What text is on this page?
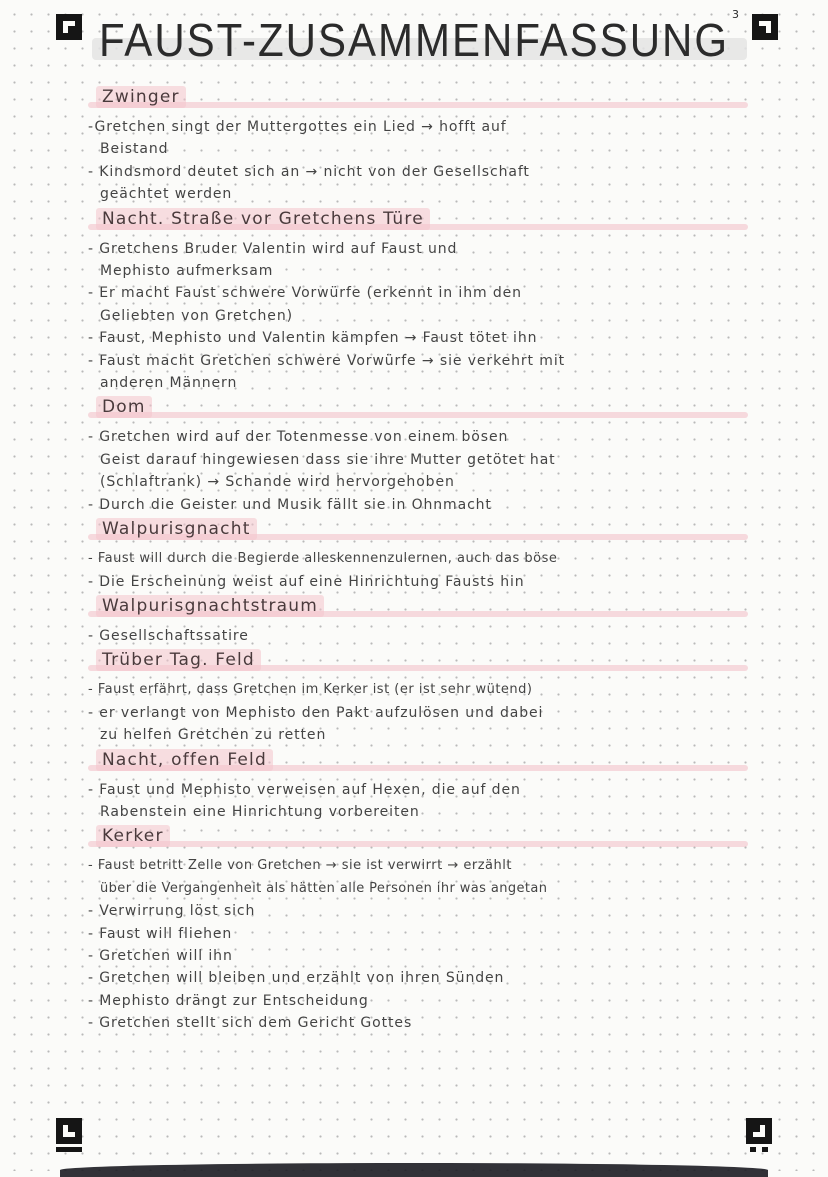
FAUST-ZUSAMMENFASSUNG 3
Zwinger
-Gretchen singt der Muttergottes ein Lied → hofft auf
Beistand
- Kindsmord deutet sich an → nicht von der Gesellschaft
geächtet werden
Nacht. Straße vor Gretchens Türe
- Gretchens Bruder Valentin wird auf Faust und
Mephisto aufmerksam
- Er macht Faust schwere Vorwürfe (erkennt in ihm den
Geliebten von Gretchen)
- Faust, Mephisto und Valentin kämpfen → Faust tötet ihn
- Faust macht Gretchen schwere Vorwürfe → sie verkehrt mit
anderen Männern
Dom
- Gretchen wird auf der Totenmesse von einem bösen
Geist darauf hingewiesen dass sie ihre Mutter getötet hat
(Schlaftrank) → Schande wird hervorgehoben
- Durch die Geister und Musik fällt sie in Ohnmacht
Walpurisgnacht
- Faust will durch die Begierde alleskennenzulernen, auch das böse
- Die Erscheinung weist auf eine Hinrichtung Fausts hin
Walpurisgnachtstraum
- Gesellschaftssatire
Trüber Tag. Feld
- Faust erfährt, dass Gretchen im Kerker ist (er ist sehr wütend)
- er verlangt von Mephisto den Pakt aufzulösen und dabei
zu helfen Gretchen zu retten
Nacht, offen Feld
- Faust und Mephisto verweisen auf Hexen, die auf den
Rabenstein eine Hinrichtung vorbereiten
Kerker
- Faust betritt Zelle von Gretchen → sie ist verwirrt → erzählt
über die Vergangenheit als hätten alle Personen ihr was angetan
- Verwirrung löst sich
- Faust will fliehen
- Gretchen will ihn
- Gretchen will bleiben und erzählt von ihren Sünden
- Mephisto drängt zur Entscheidung
- Gretchen stellt sich dem Gericht Gottes
